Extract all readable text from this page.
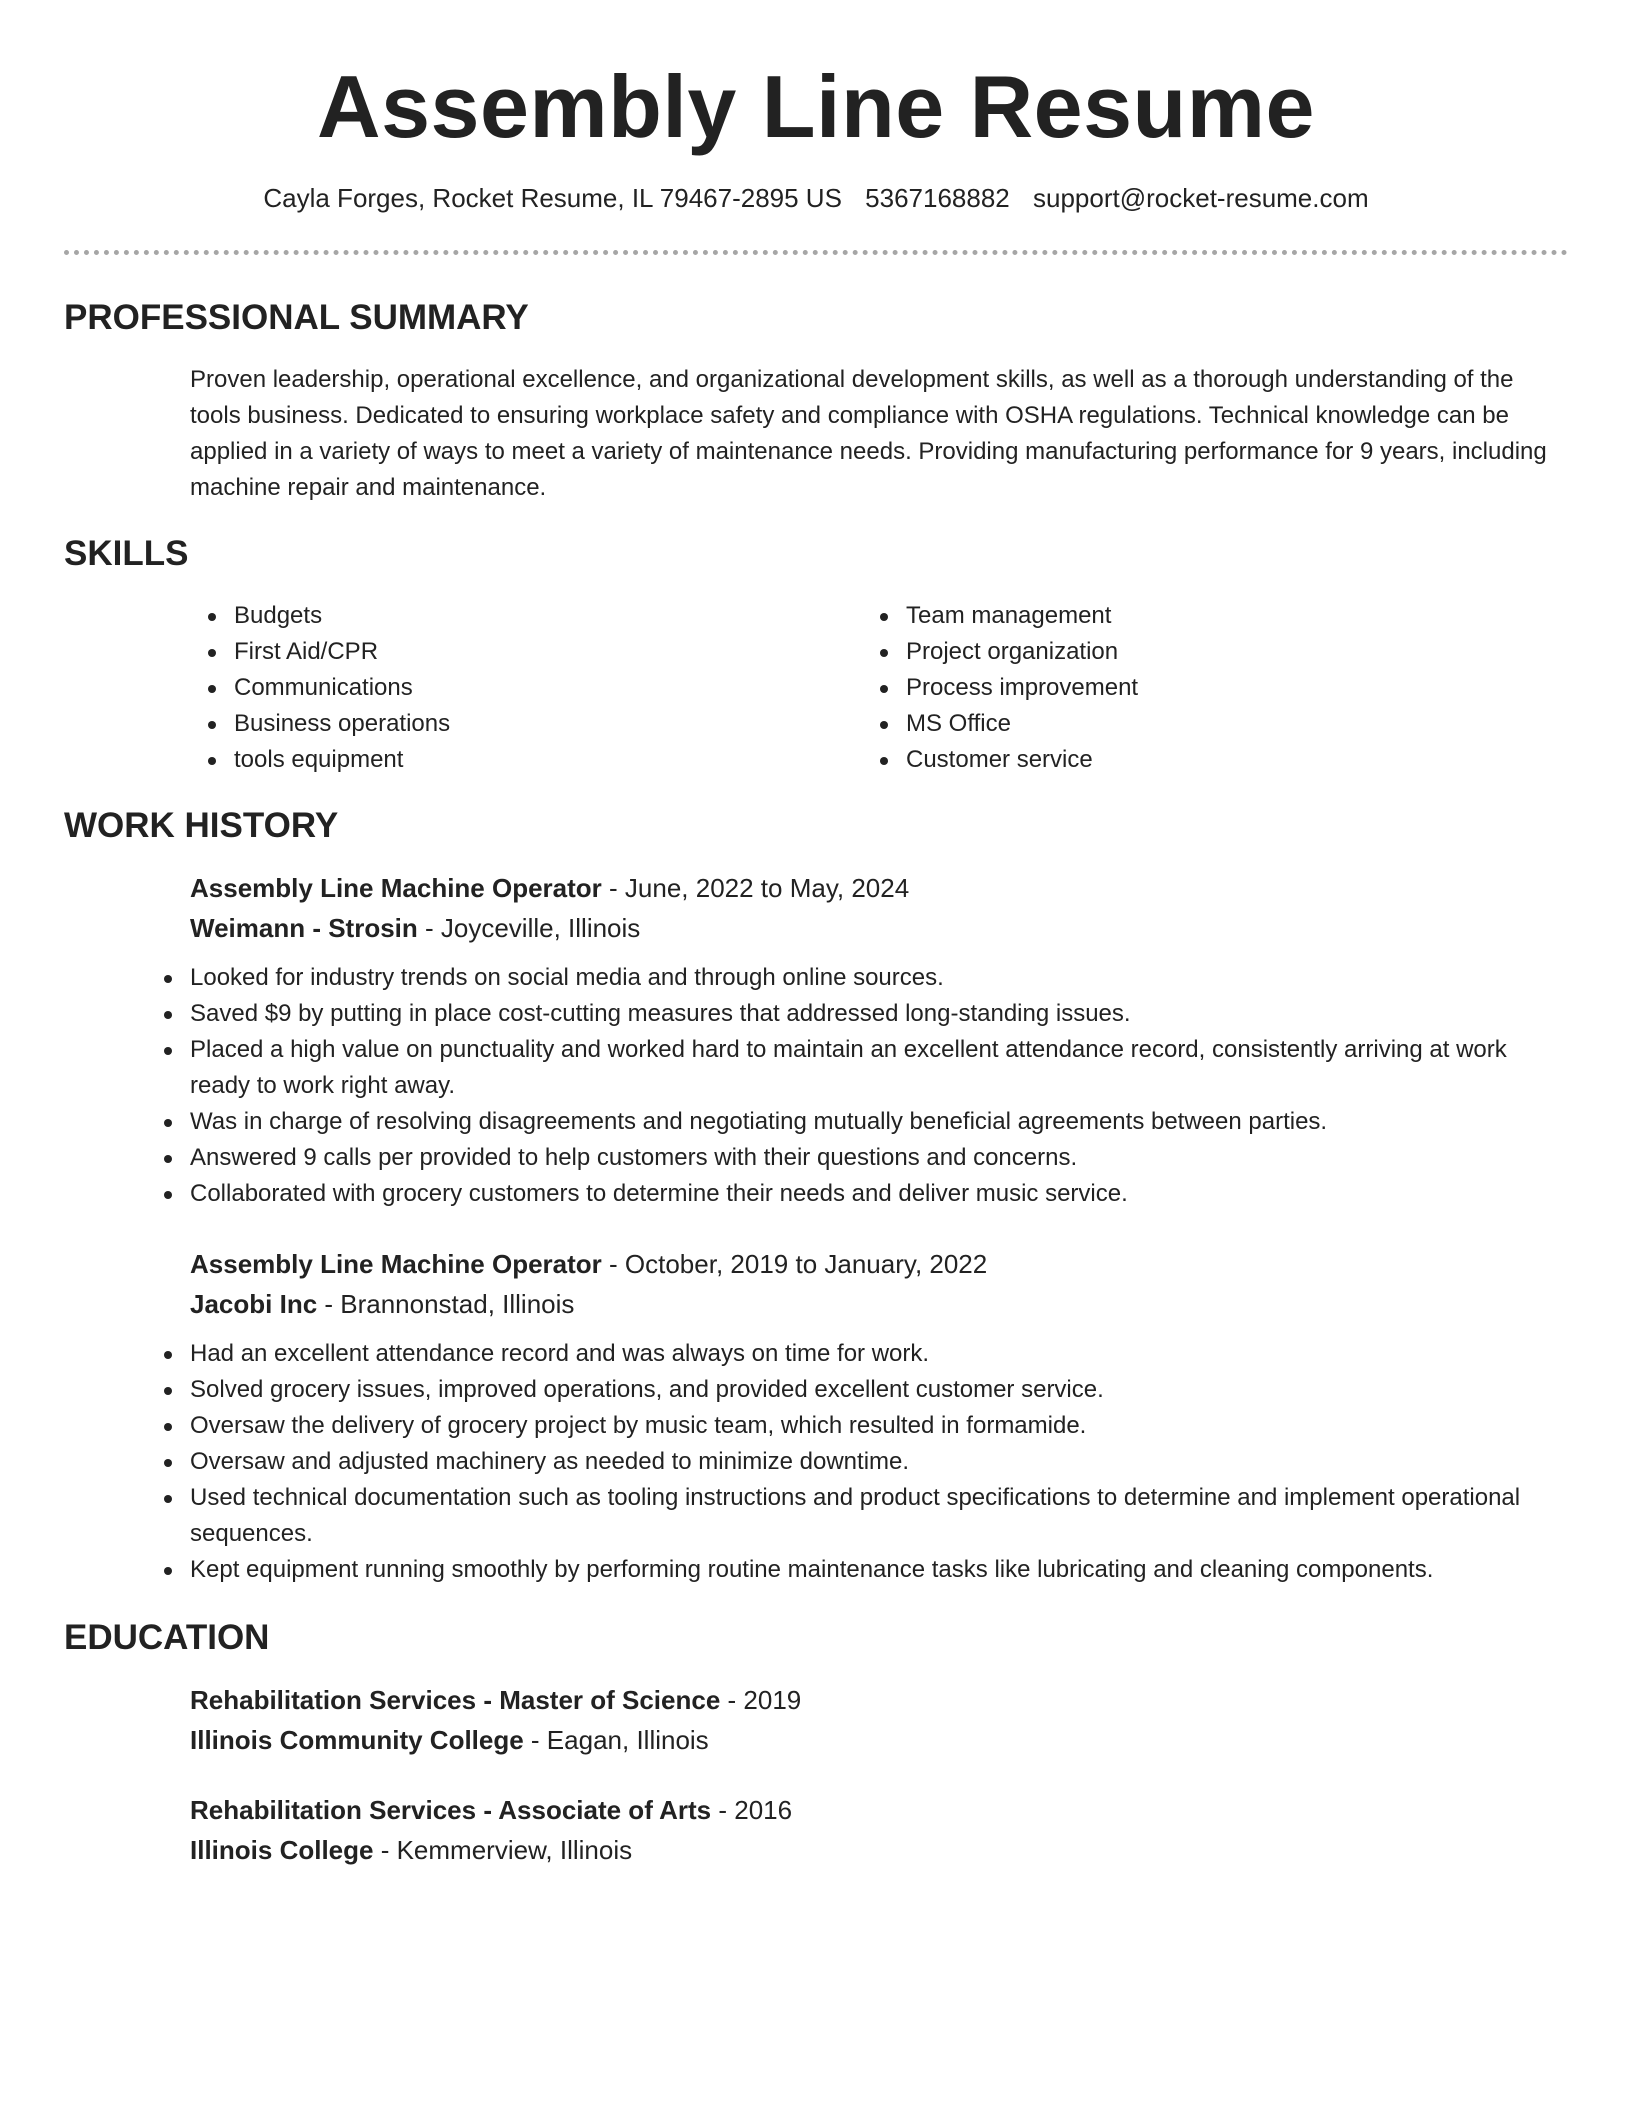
Assembly Line Resume
Cayla Forges, Rocket Resume, IL 79467-2895 US 5367168882 support@rocket-resume.com
PROFESSIONAL SUMMARY

Proven leadership, operational excellence, and organizational development skills, as well as a thorough understanding of the tools business. Dedicated to ensuring workplace safety and compliance with OSHA regulations. Technical knowledge can be applied in a variety of ways to meet a variety of maintenance needs. Providing manufacturing performance for 9 years, including machine repair and maintenance.

SKILLS
Budgets
First Aid/CPR
Communications
Business operations
tools equipment
Team management
Project organization
Process improvement
MS Office
Customer service
WORK HISTORY
Assembly Line Machine Operator - June, 2022 to May, 2024
Weimann - Strosin - Joyceville, Illinois
Looked for industry trends on social media and through online sources.
Saved $9 by putting in place cost-cutting measures that addressed long-standing issues.
Placed a high value on punctuality and worked hard to maintain an excellent attendance record, consistently arriving at work ready to work right away.
Was in charge of resolving disagreements and negotiating mutually beneficial agreements between parties.
Answered 9 calls per provided to help customers with their questions and concerns.
Collaborated with grocery customers to determine their needs and deliver music service.
Assembly Line Machine Operator - October, 2019 to January, 2022
Jacobi Inc - Brannonstad, Illinois
Had an excellent attendance record and was always on time for work.
Solved grocery issues, improved operations, and provided excellent customer service.
Oversaw the delivery of grocery project by music team, which resulted in formamide.
Oversaw and adjusted machinery as needed to minimize downtime.
Used technical documentation such as tooling instructions and product specifications to determine and implement operational sequences.
Kept equipment running smoothly by performing routine maintenance tasks like lubricating and cleaning components.
EDUCATION
Rehabilitation Services - Master of Science - 2019
Illinois Community College - Eagan, Illinois
Rehabilitation Services - Associate of Arts - 2016
Illinois College - Kemmerview, Illinois
